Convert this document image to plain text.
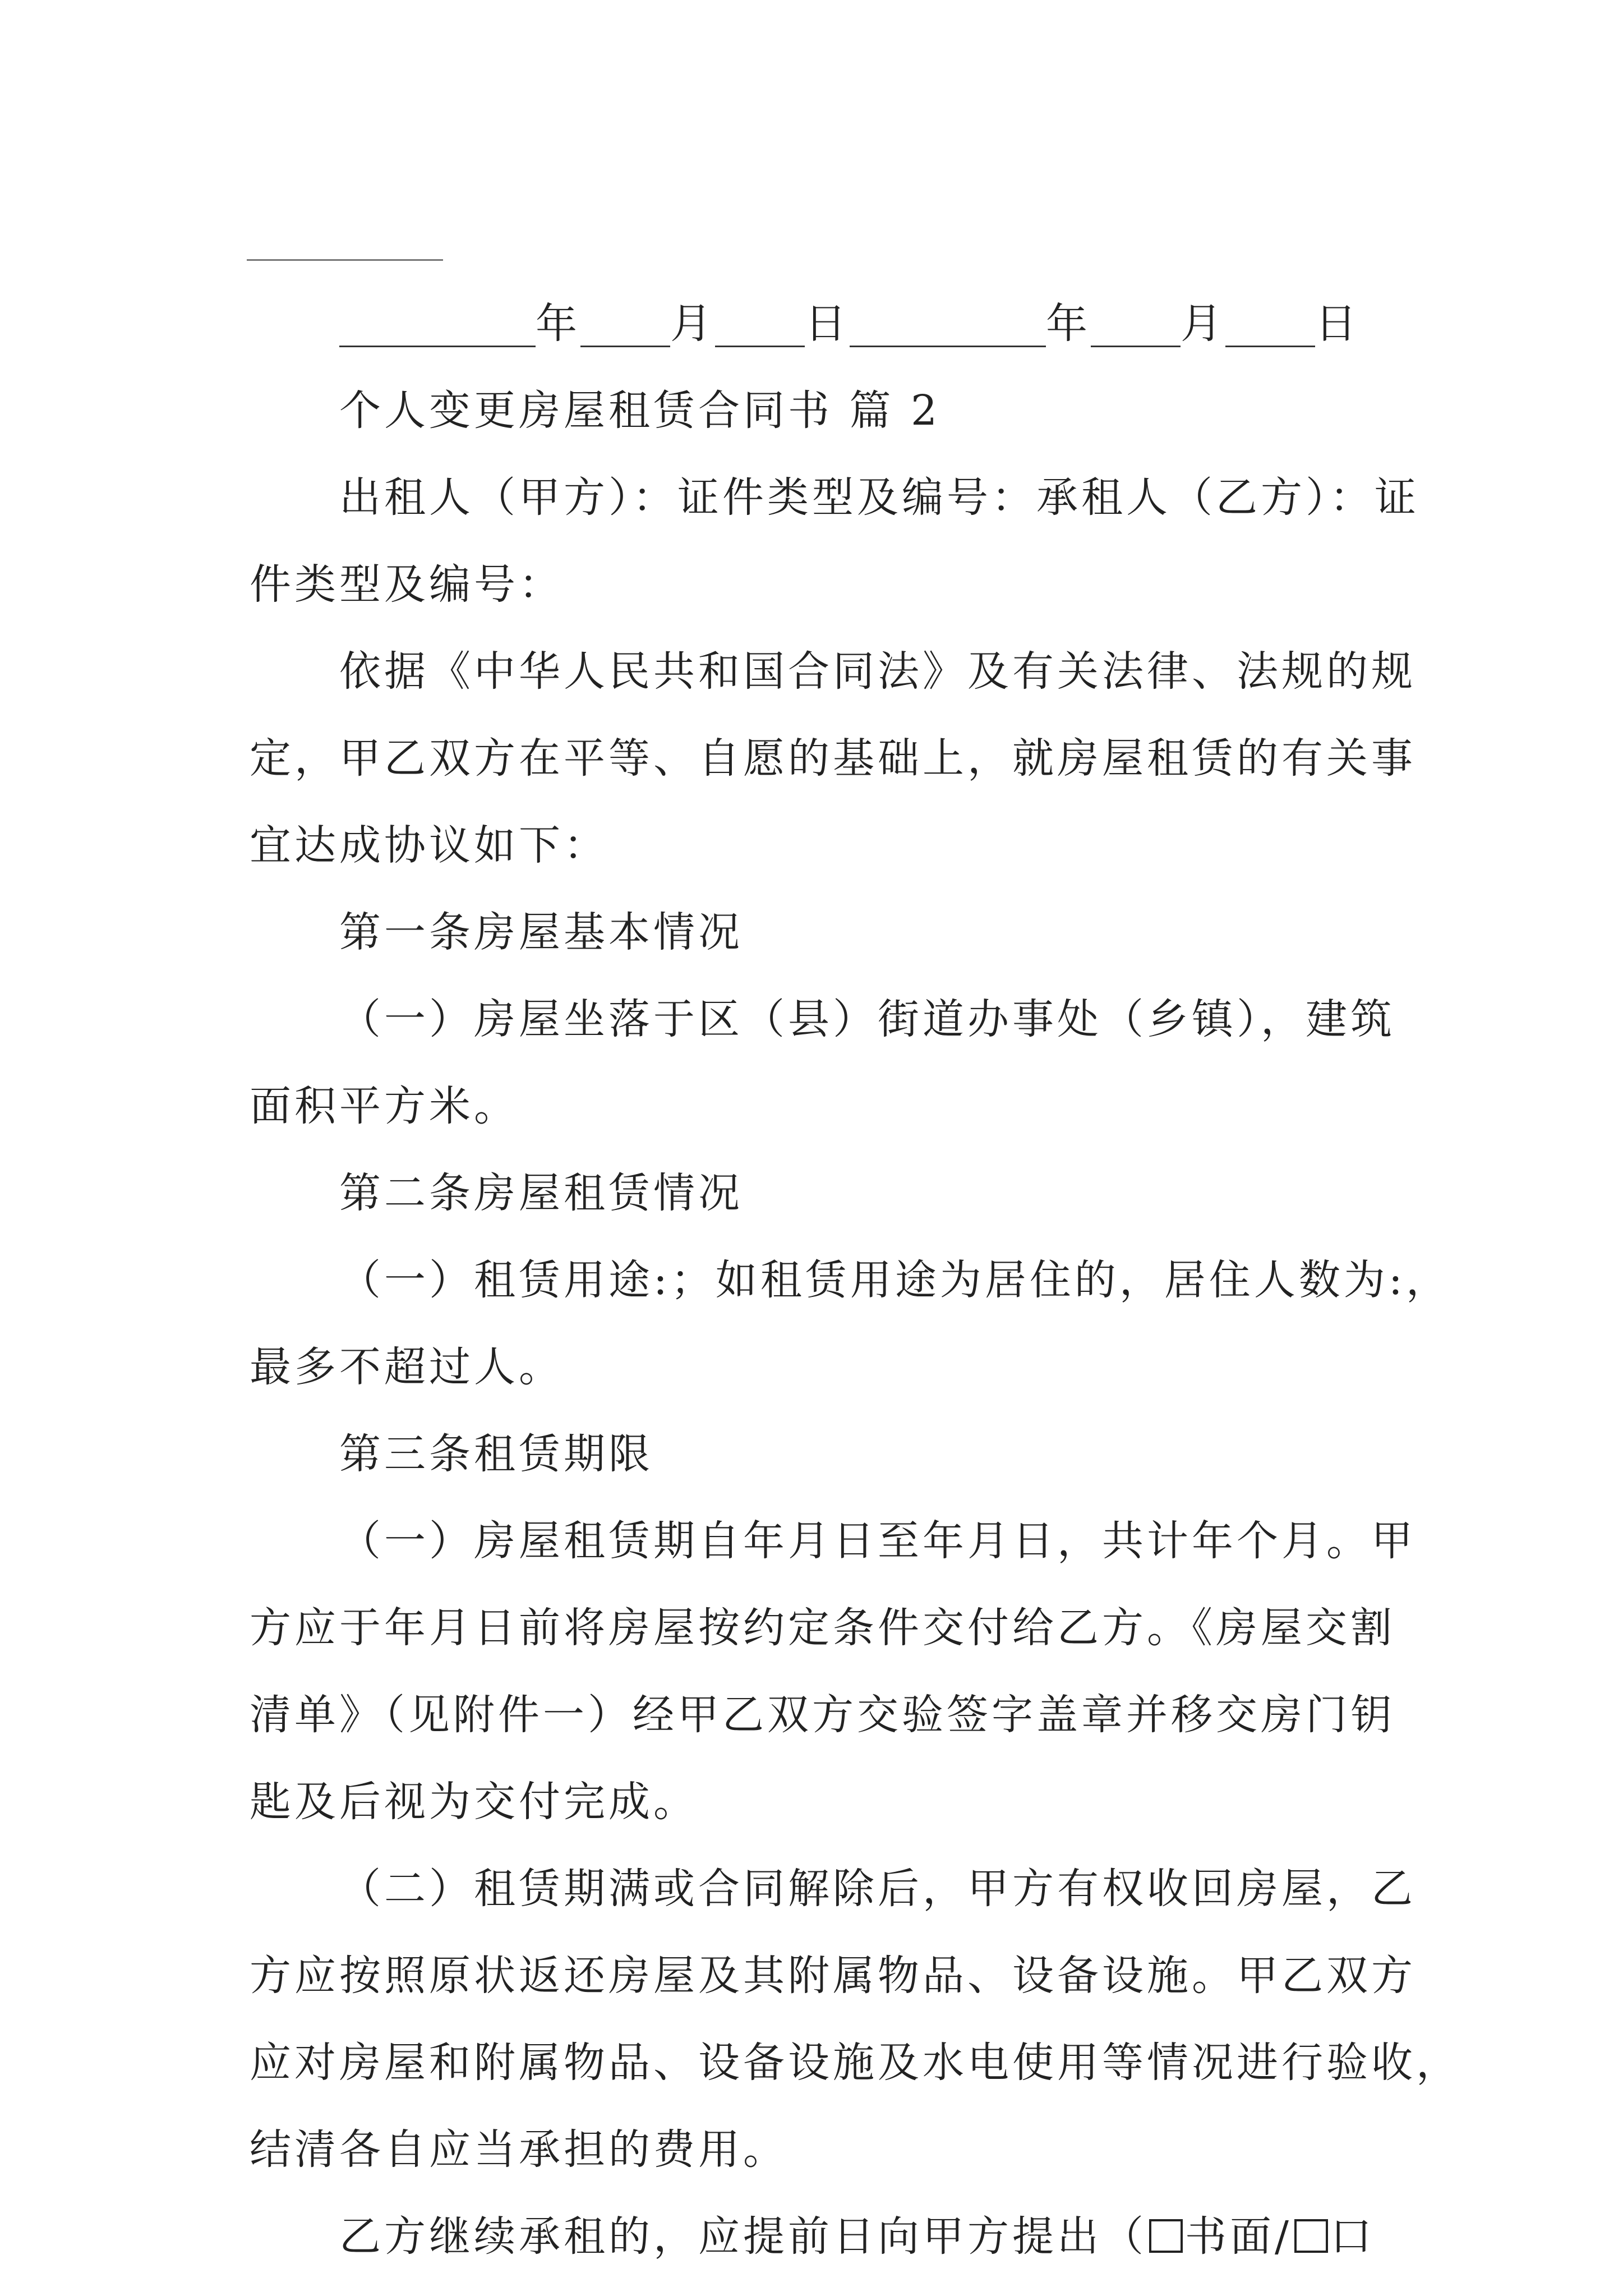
年 月 日	年 月 日
个人变更房屋租赁合同书 篇 2
出租人（甲方）：证件类型及编号：承租人（乙方）：证
件类型及编号：
依据《中华人民共和国合同法》及有关法律、法规的规
定，甲乙双方在平等、自愿的基础上，就房屋租赁的有关事
宜达成协议如下：
第一条房屋基本情况
（一）房屋坐落于区（县）街道办事处（乡镇），建筑
面积平方米。
第二条房屋租赁情况
（一）租赁用途:；如租赁用途为居住的，居住人数为:，
最多不超过人。
第三条租赁期限
（一）房屋租赁期自年月日至年月日，共计年个月。甲
方应于年月日前将房屋按约定条件交付给乙方。《房屋交割
清单》（见附件一）经甲乙双方交验签字盖章并移交房门钥
匙及后视为交付完成。
（二）租赁期满或合同解除后，甲方有权收回房屋，乙
方应按照原状返还房屋及其附属物品、设备设施。甲乙双方
应对房屋和附属物品、设备设施及水电使用等情况进行验收，
结清各自应当承担的费用。
乙方继续承租的，应提前日向甲方提出（ 书面/ 口
